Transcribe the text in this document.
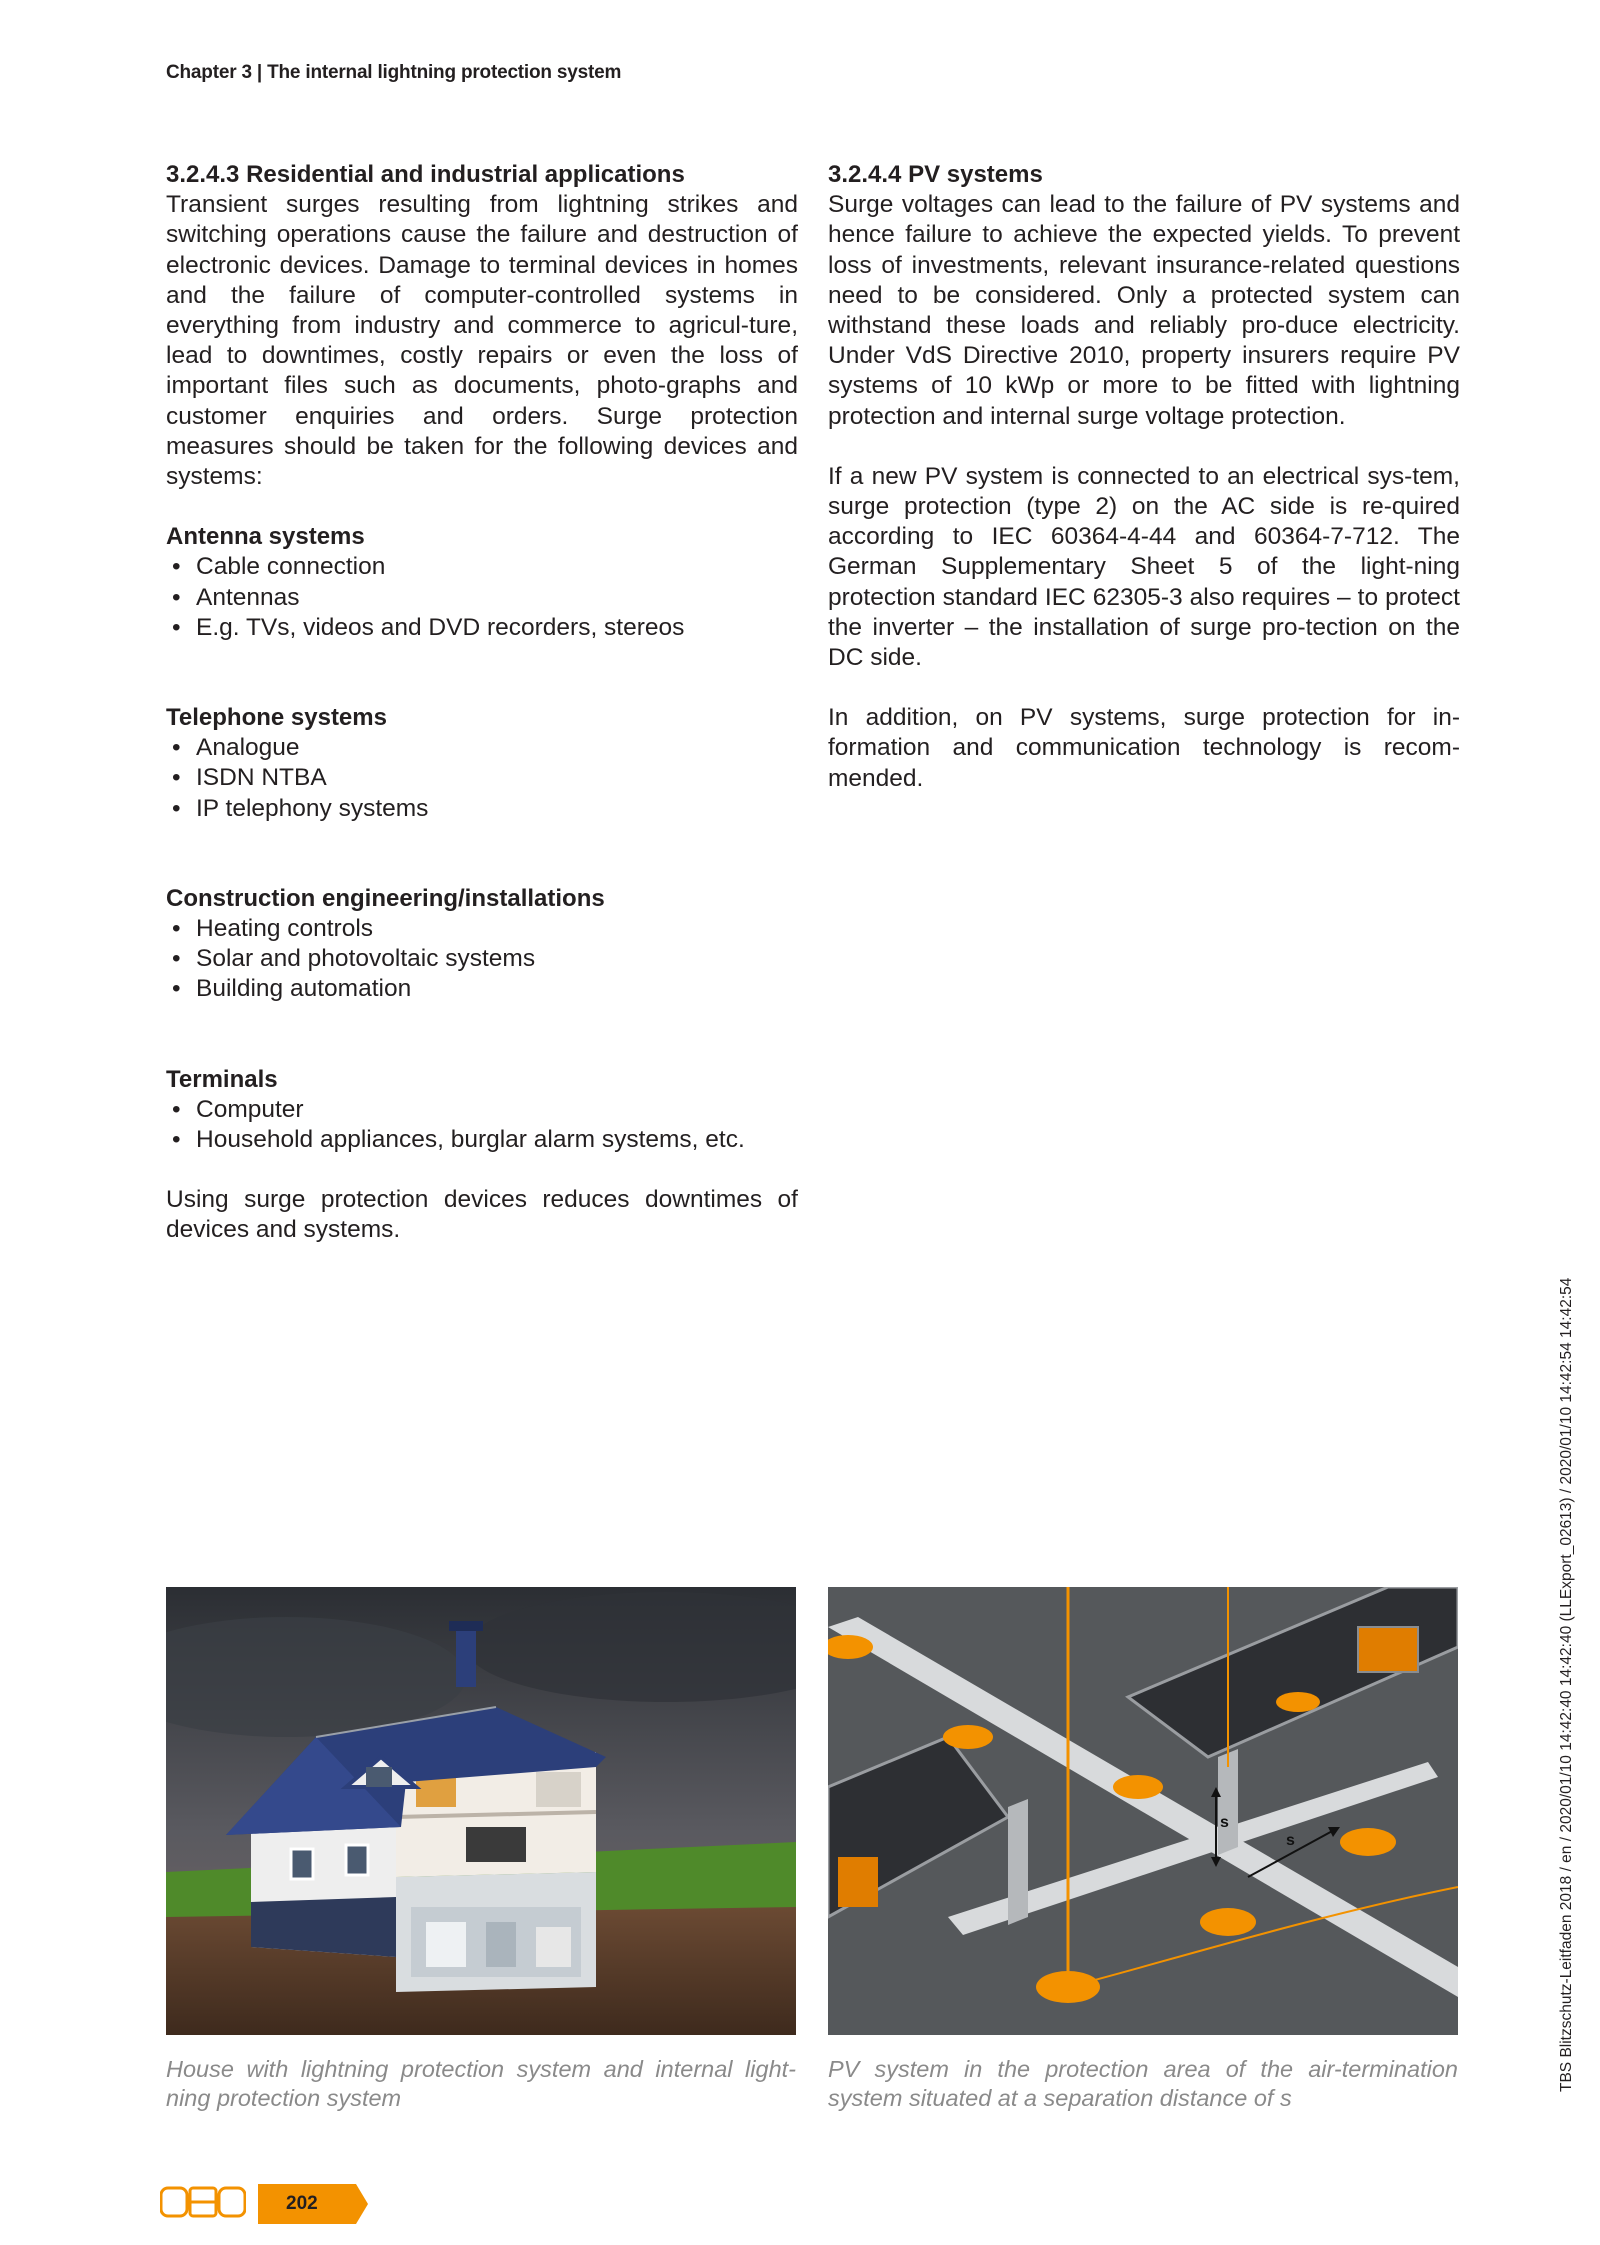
Chapter 3 | The internal lightning protection system
3.2.4.3 Residential and industrial applications

Transient surges resulting from lightning strikes and switching operations cause the failure and destruction of electronic devices. Damage to terminal devices in homes and the failure of computer-controlled systems in everything from industry and commerce to agricul-ture, lead to downtimes, costly repairs or even the loss of important files such as documents, photo-graphs and customer enquiries and orders. Surge protection measures should be taken for the following devices and systems:

Antenna systems
• Cable connection
• Antennas
• E.g. TVs, videos and DVD recorders, stereos
Telephone systems
• Analogue
• ISDN NTBA
• IP telephony systems
Construction engineering/installations
• Heating controls
• Solar and photovoltaic systems
• Building automation
Terminals
• Computer
• Household appliances, burglar alarm systems, etc.

Using surge protection devices reduces downtimes of devices and systems.

3.2.4.4 PV systems

Surge voltages can lead to the failure of PV systems and hence failure to achieve the expected yields. To prevent loss of investments, relevant insurance-related questions need to be considered. Only a protected system can withstand these loads and reliably pro-duce electricity. Under VdS Directive 2010, property insurers require PV systems of 10 kWp or more to be fitted with lightning protection and internal surge voltage protection.

If a new PV system is connected to an electrical sys-tem, surge protection (type 2) on the AC side is re-quired according to IEC 60364-4-44 and 60364-7-712. The German Supplementary Sheet 5 of the light-ning protection standard IEC 62305-3 also requires – to protect the inverter – the installation of surge pro-tection on the DC side.

In addition, on PV systems, surge protection for in-formation and communication technology is recom-mended.

s
s
House with lightning protection system and internal light-ning protection system
PV system in the protection area of the air-termination system situated at a separation distance of s
TBS Blitzschutz-Leitfaden 2018 / en / 2020/01/10 14:42:40 14:42:40 (LLExport_02613) / 2020/01/10 14:42:54 14:42:54
202
